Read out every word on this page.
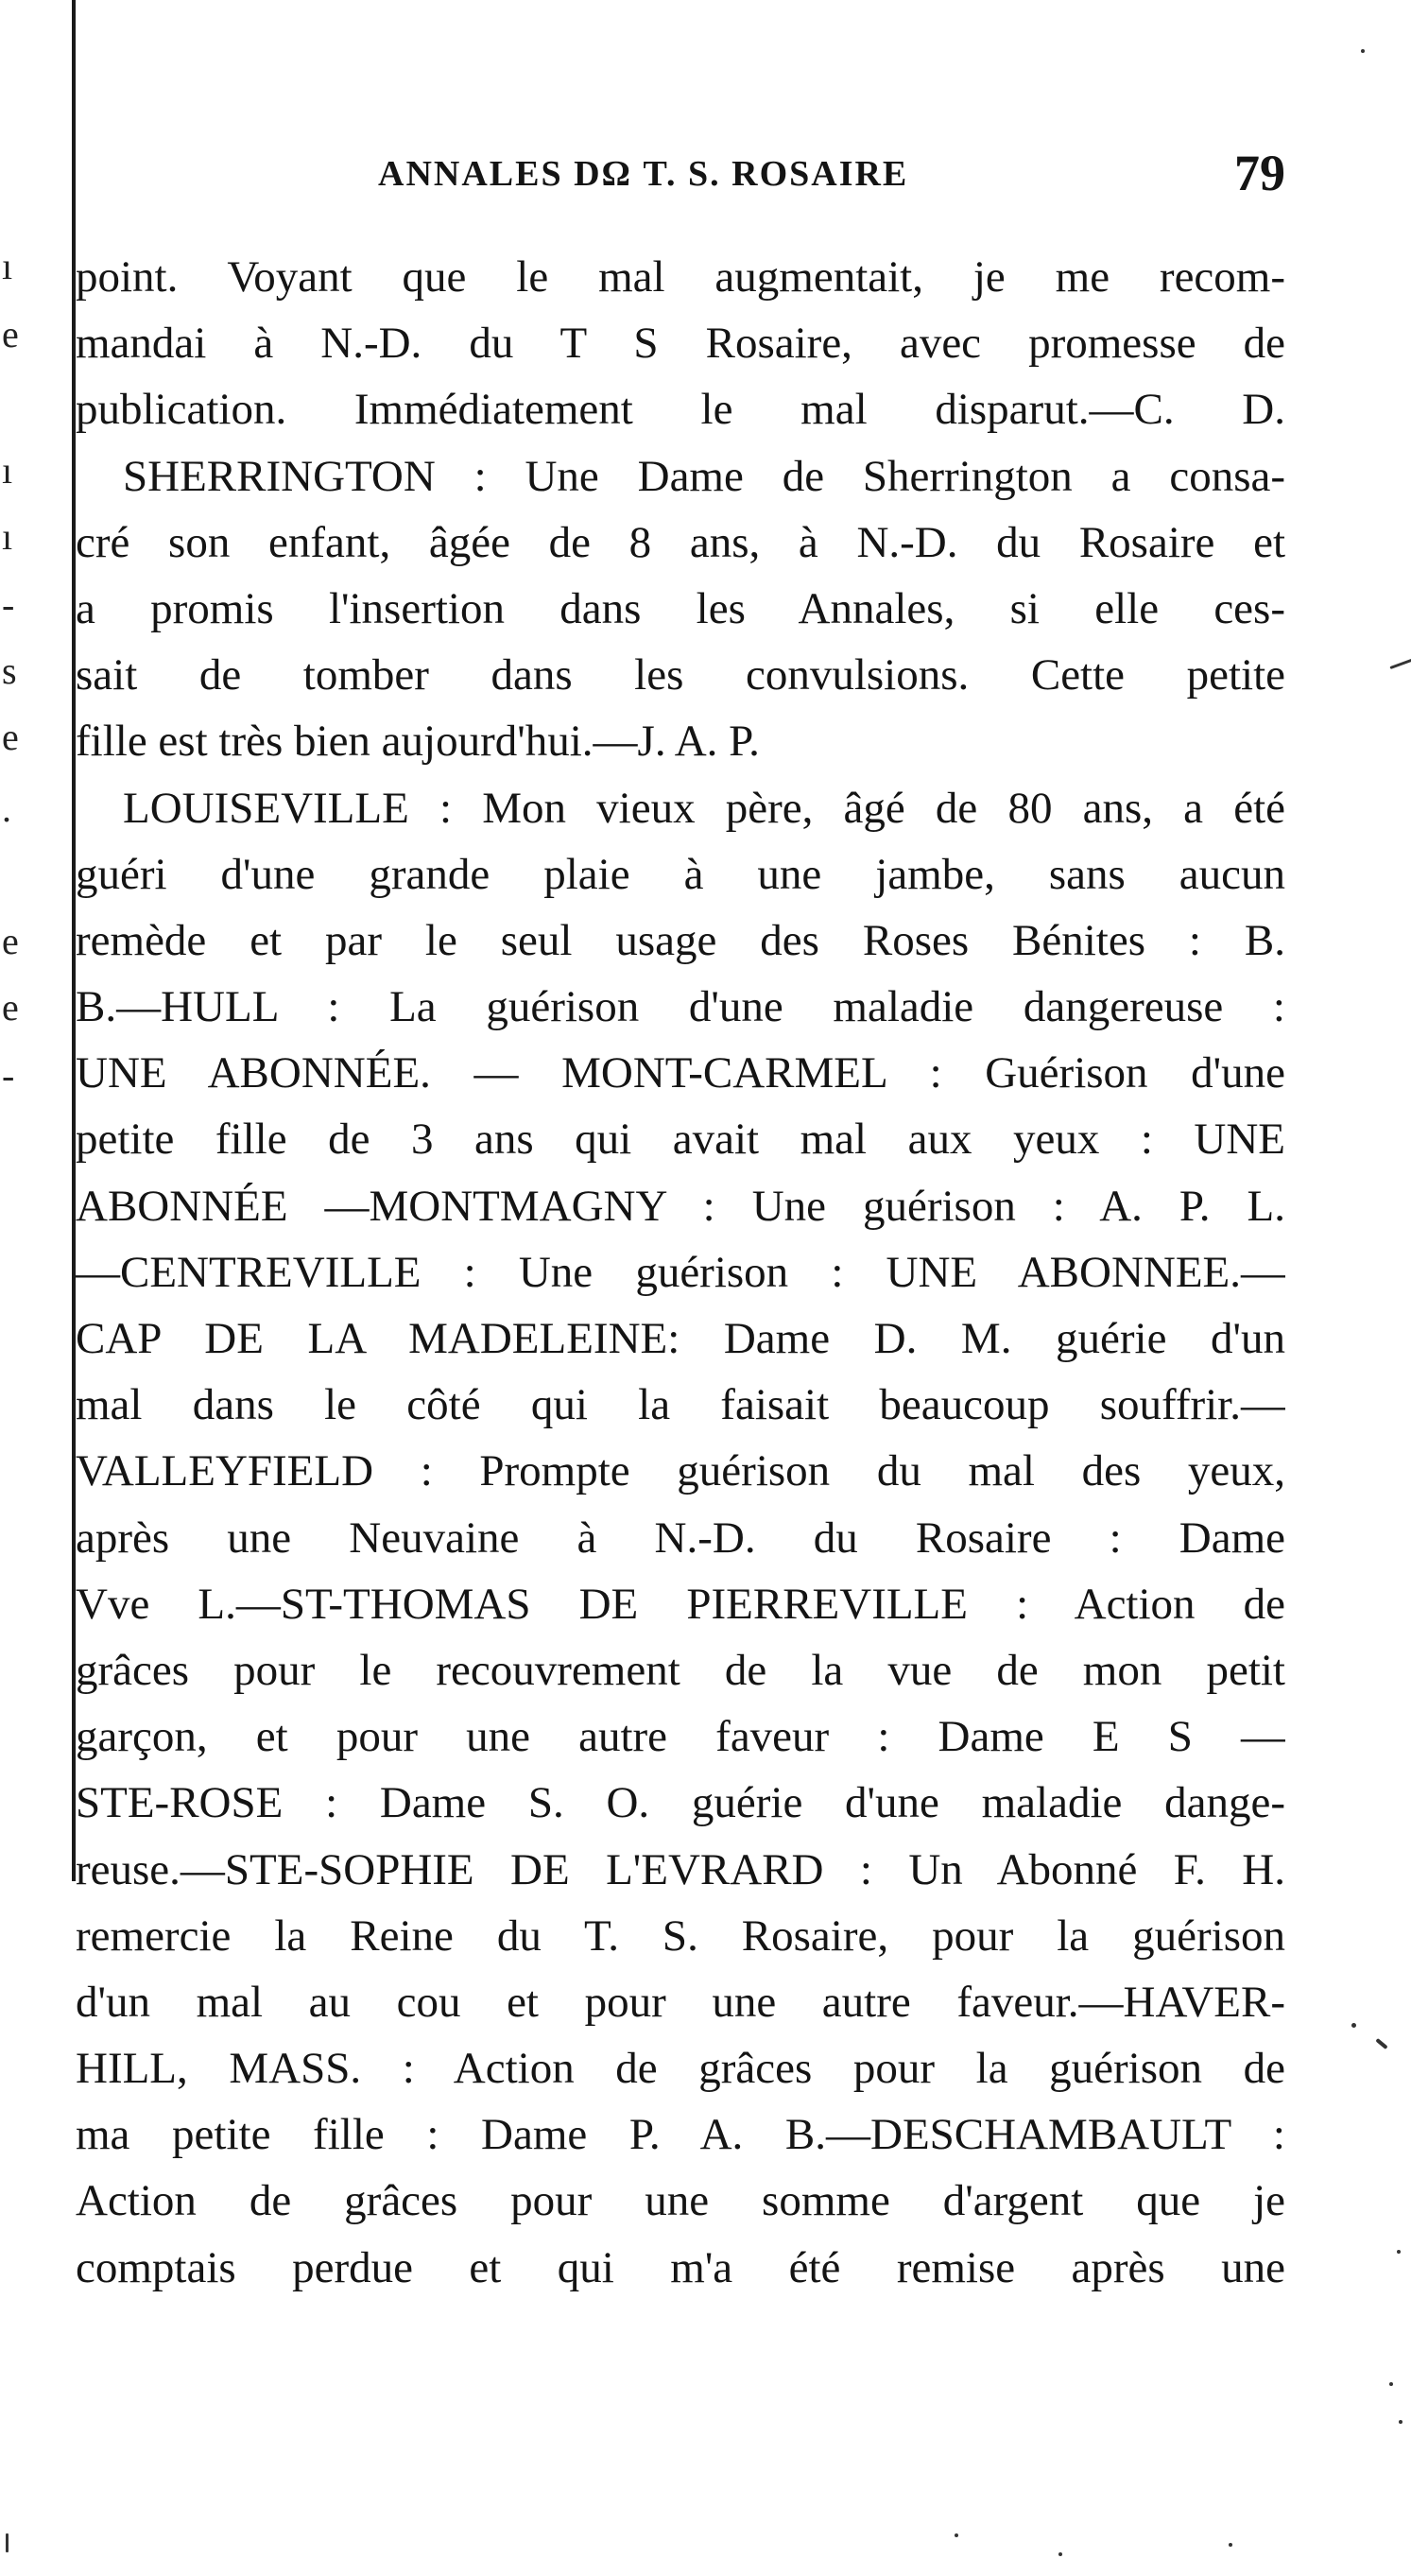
ı
e
ı
ı
-
s
e
.
e
e
-
ANNALES DΩ T. S. ROSAIRE	79
point. Voyant que le mal augmentait, je me recom-
mandai à N.-D. du T S Rosaire, avec promesse de
publication. Immédiatement le mal disparut.—C. D.
SHERRINGTON : Une Dame de Sherrington a consa-
cré son enfant, âgée de 8 ans, à N.-D. du Rosaire et
a promis l'insertion dans les Annales, si elle ces-
sait de tomber dans les convulsions. Cette petite
fille est très bien aujourd'hui.—J. A. P.
LOUISEVILLE : Mon vieux père, âgé de 80 ans, a été
guéri d'une grande plaie à une jambe, sans aucun
remède et par le seul usage des Roses Bénites : B.
B.—HULL : La guérison d'une maladie dangereuse :
UNE ABONNÉE. — MONT-CARMEL : Guérison d'une
petite fille de 3 ans qui avait mal aux yeux : UNE
ABONNÉE —MONTMAGNY : Une guérison : A. P. L.
—CENTREVILLE : Une guérison : UNE ABONNEE.—
CAP DE LA MADELEINE: Dame D. M. guérie d'un
mal dans le côté qui la faisait beaucoup souffrir.—
VALLEYFIELD : Prompte guérison du mal des yeux,
après une Neuvaine à N.-D. du Rosaire : Dame
Vve L.—ST-THOMAS DE PIERREVILLE : Action de
grâces pour le recouvrement de la vue de mon petit
garçon, et pour une autre faveur : Dame E S —
STE-ROSE : Dame S. O. guérie d'une maladie dange-
reuse.—STE-SOPHIE DE L'EVRARD : Un Abonné F. H.
remercie la Reine du T. S. Rosaire, pour la guérison
d'un mal au cou et pour une autre faveur.—HAVER-
HILL, MASS. : Action de grâces pour la guérison de
ma petite fille : Dame P. A. B.—DESCHAMBAULT :
Action de grâces pour une somme d'argent que je
comptais perdue et qui m'a été remise après une
